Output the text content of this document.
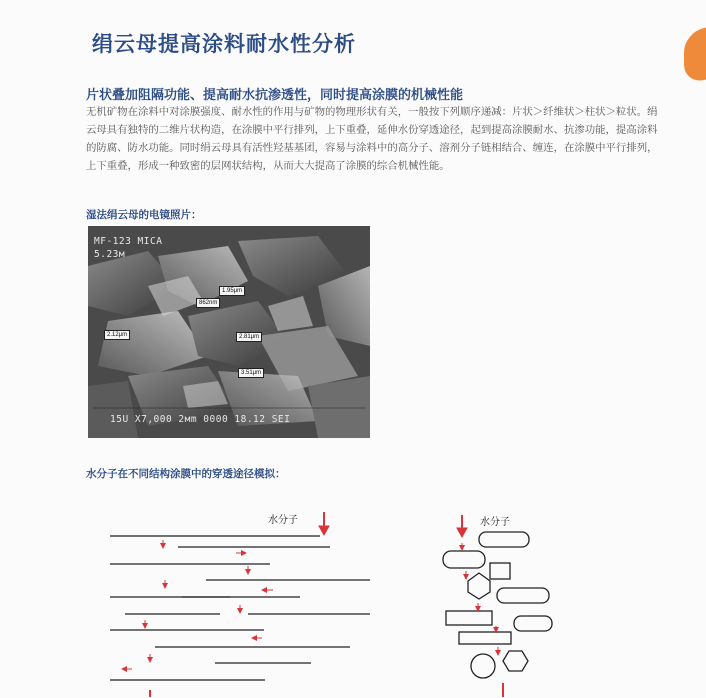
绢云母提高涂料耐水性分析
片状叠加阻隔功能、提高耐水抗渗透性，同时提高涂膜的机械性能

无机矿物在涂料中对涂膜强度、耐水性的作用与矿物的物理形状有关，一般按下列顺序递减：片状＞纤维状＞柱状＞粒状。绢云母具有独特的二维片状构造，在涂膜中平行排列，上下重叠，延伸水份穿透途径，起到提高涂膜耐水、抗渗功能，提高涂料的防腐、防水功能。同时绢云母具有活性羟基基团，容易与涂料中的高分子、溶剂分子链相结合、缠连，在涂膜中平行排列，上下重叠，形成一种致密的层网状结构，从而大大提高了涂膜的综合机械性能。

湿法绢云母的电镜照片：

MF-123 MICA
5.23м
15U X7,000 2мm 0000 18.12 SEI
1.95μm
862nm
2.12μm	2.81μm
3.51μm

水分子在不同结构涂膜中的穿透途径模拟：

水分子	水分子
